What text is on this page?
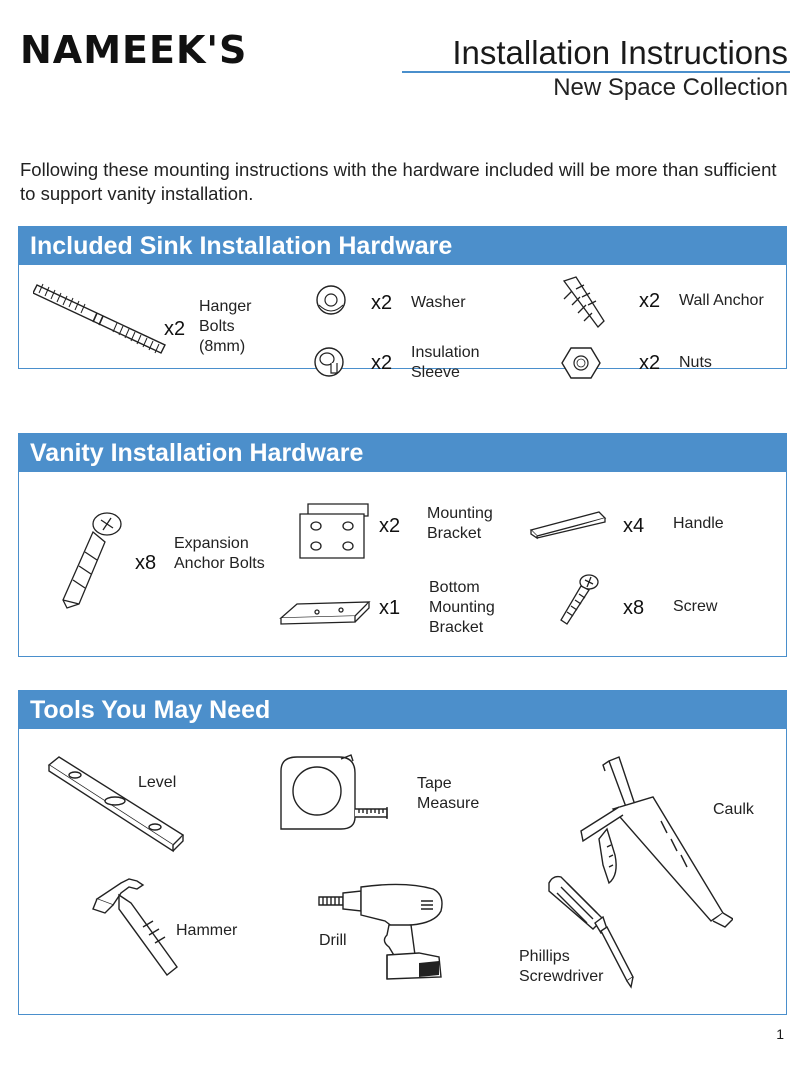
NAMEEK'S	Installation Instructions
New Space Collection
Following these mounting instructions with the hardware included will be more than sufficient to support vanity installation.
Included Sink Installation Hardware
x2
Hanger Bolts (8mm)
x2 Washer
x2 Insulation Sleeve
x2 Wall Anchor
x2 Nuts
Vanity Installation Hardware
x8
Expansion Anchor Bolts
x2
Mounting Bracket
x1
Bottom Mounting Bracket
x4 Handle
x8 Screw
Tools You May Need
Level	Tape Measure	Caulk
Hammer
Drill
Phillips Screwdriver
1
